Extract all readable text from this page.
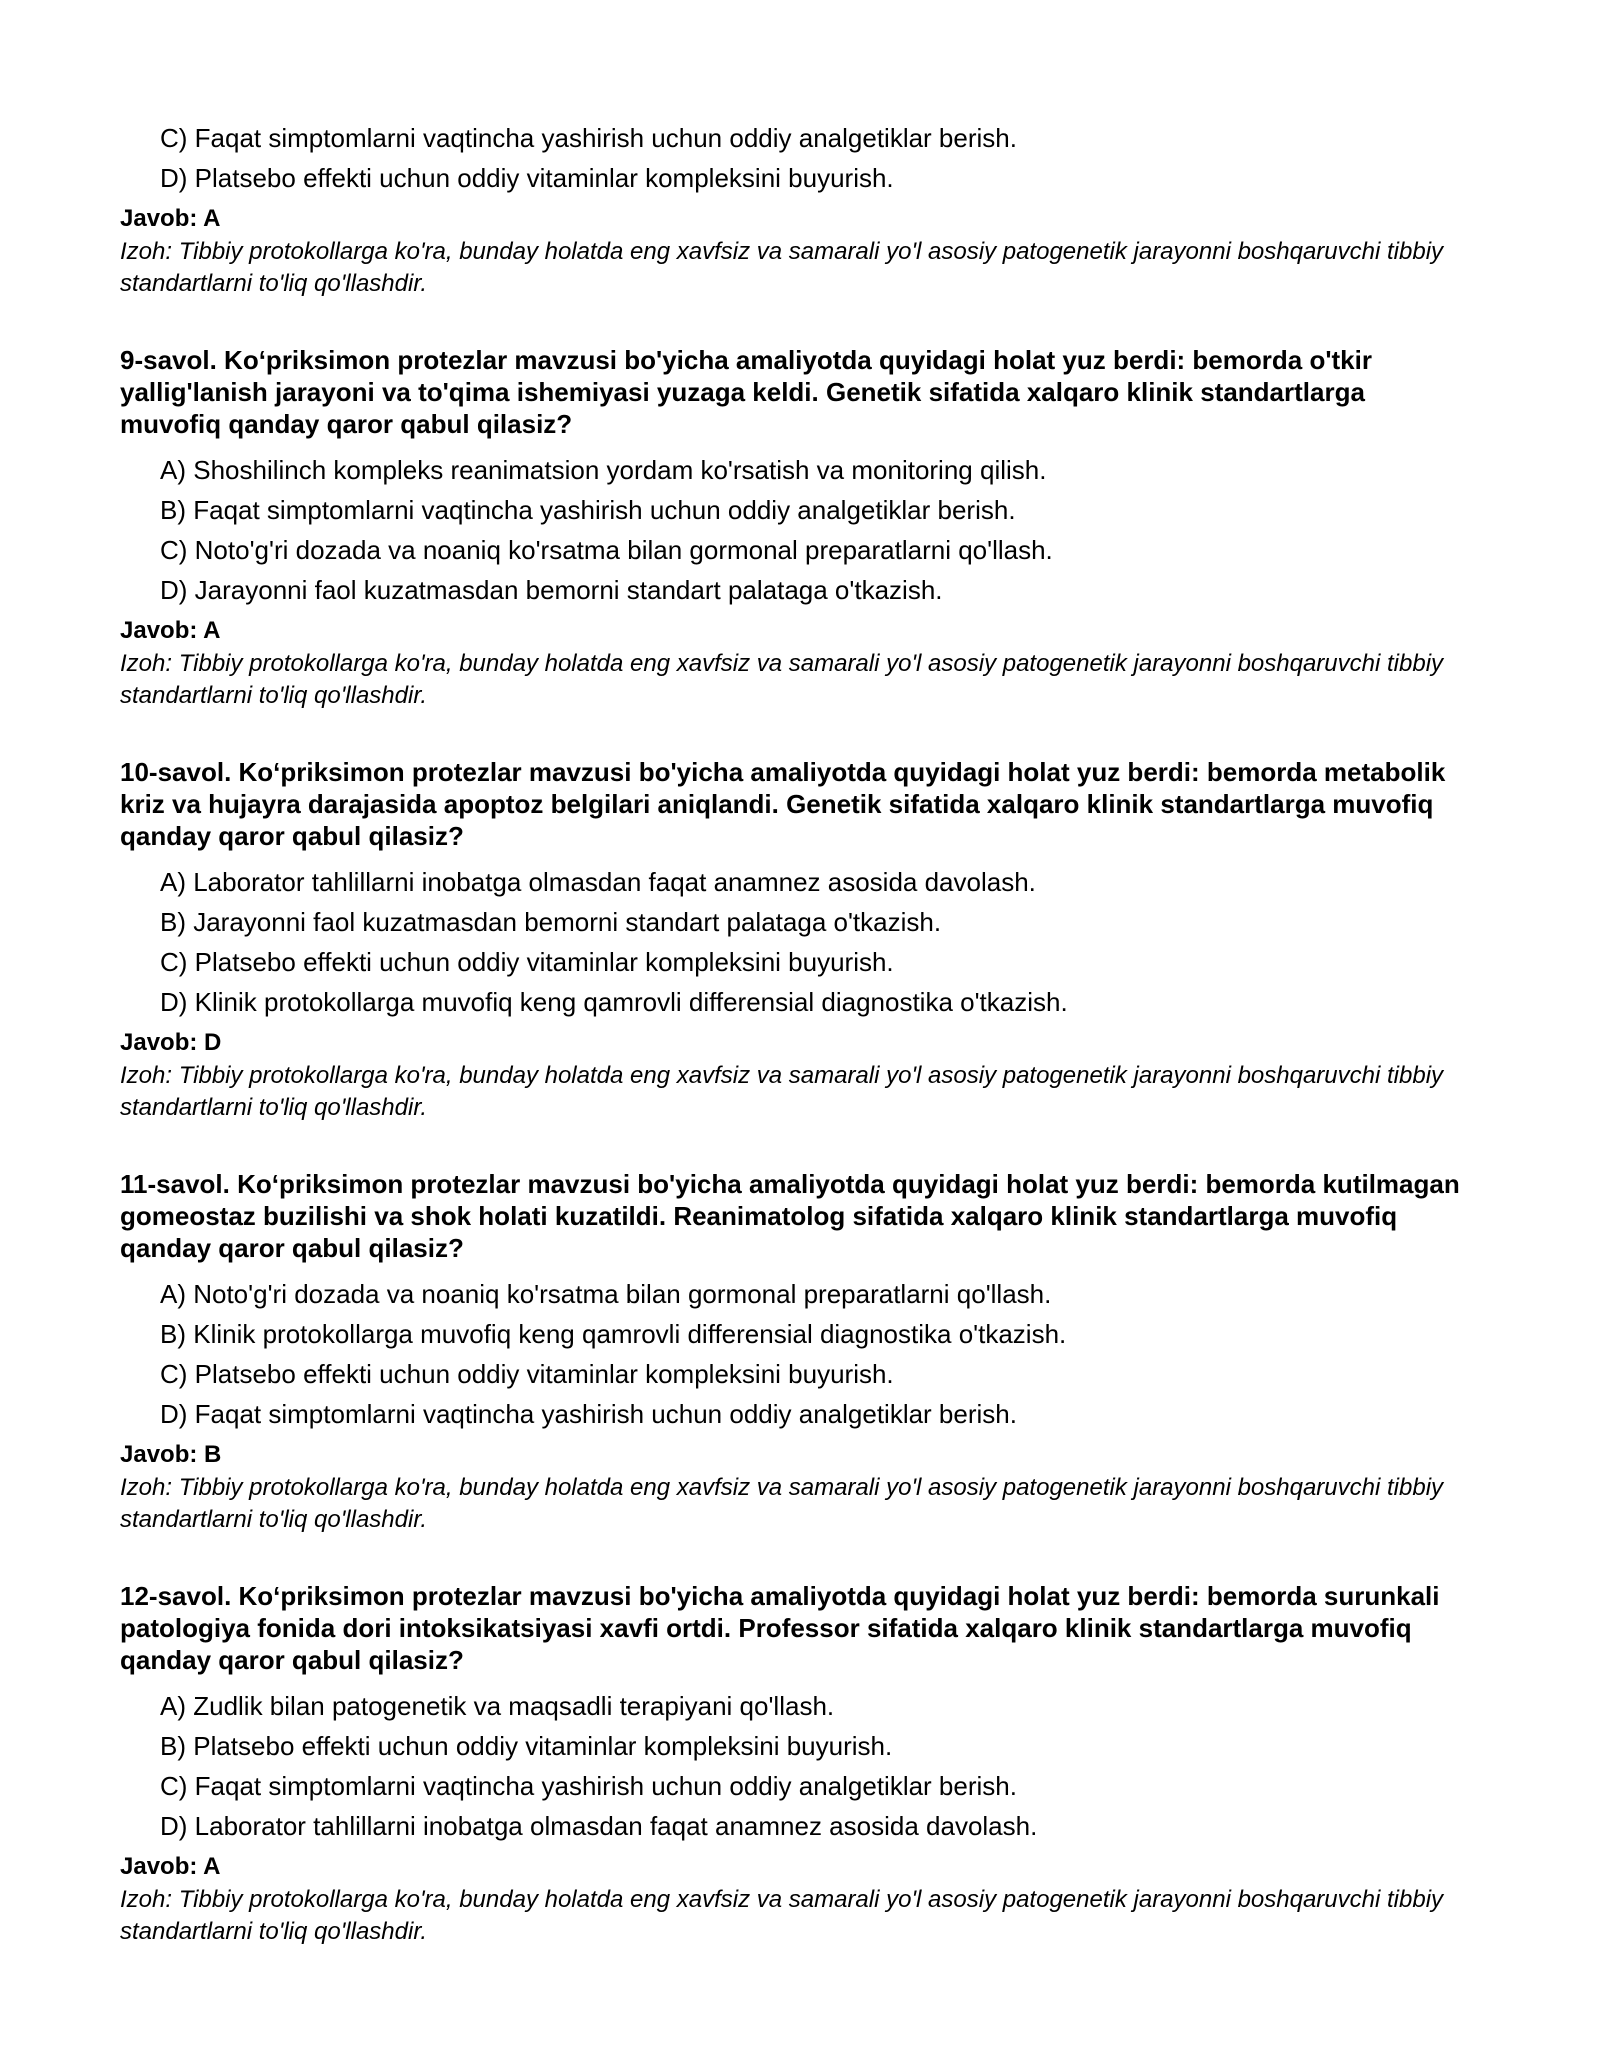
C) Faqat simptomlarni vaqtincha yashirish uchun oddiy analgetiklar berish.
D) Platsebo effekti uchun oddiy vitaminlar kompleksini buyurish.
Javob: A
Izoh: Tibbiy protokollarga ko'ra, bunday holatda eng xavfsiz va samarali yo'l asosiy patogenetik jarayonni boshqaruvchi tibbiy standartlarni to'liq qo'llashdir.
9-savol. Ko‘priksimon protezlar mavzusi bo'yicha amaliyotda quyidagi holat yuz berdi: bemorda o'tkir yallig'lanish jarayoni va to'qima ishemiyasi yuzaga keldi. Genetik sifatida xalqaro klinik standartlarga muvofiq qanday qaror qabul qilasiz?
A) Shoshilinch kompleks reanimatsion yordam ko'rsatish va monitoring qilish.
B) Faqat simptomlarni vaqtincha yashirish uchun oddiy analgetiklar berish.
C) Noto'g'ri dozada va noaniq ko'rsatma bilan gormonal preparatlarni qo'llash.
D) Jarayonni faol kuzatmasdan bemorni standart palataga o'tkazish.
Javob: A
Izoh: Tibbiy protokollarga ko'ra, bunday holatda eng xavfsiz va samarali yo'l asosiy patogenetik jarayonni boshqaruvchi tibbiy standartlarni to'liq qo'llashdir.
10-savol. Ko‘priksimon protezlar mavzusi bo'yicha amaliyotda quyidagi holat yuz berdi: bemorda metabolik kriz va hujayra darajasida apoptoz belgilari aniqlandi. Genetik sifatida xalqaro klinik standartlarga muvofiq qanday qaror qabul qilasiz?
A) Laborator tahlillarni inobatga olmasdan faqat anamnez asosida davolash.
B) Jarayonni faol kuzatmasdan bemorni standart palataga o'tkazish.
C) Platsebo effekti uchun oddiy vitaminlar kompleksini buyurish.
D) Klinik protokollarga muvofiq keng qamrovli differensial diagnostika o'tkazish.
Javob: D
Izoh: Tibbiy protokollarga ko'ra, bunday holatda eng xavfsiz va samarali yo'l asosiy patogenetik jarayonni boshqaruvchi tibbiy standartlarni to'liq qo'llashdir.
11-savol. Ko‘priksimon protezlar mavzusi bo'yicha amaliyotda quyidagi holat yuz berdi: bemorda kutilmagan gomeostaz buzilishi va shok holati kuzatildi. Reanimatolog sifatida xalqaro klinik standartlarga muvofiq qanday qaror qabul qilasiz?
A) Noto'g'ri dozada va noaniq ko'rsatma bilan gormonal preparatlarni qo'llash.
B) Klinik protokollarga muvofiq keng qamrovli differensial diagnostika o'tkazish.
C) Platsebo effekti uchun oddiy vitaminlar kompleksini buyurish.
D) Faqat simptomlarni vaqtincha yashirish uchun oddiy analgetiklar berish.
Javob: B
Izoh: Tibbiy protokollarga ko'ra, bunday holatda eng xavfsiz va samarali yo'l asosiy patogenetik jarayonni boshqaruvchi tibbiy standartlarni to'liq qo'llashdir.
12-savol. Ko‘priksimon protezlar mavzusi bo'yicha amaliyotda quyidagi holat yuz berdi: bemorda surunkali patologiya fonida dori intoksikatsiyasi xavfi ortdi. Professor sifatida xalqaro klinik standartlarga muvofiq qanday qaror qabul qilasiz?
A) Zudlik bilan patogenetik va maqsadli terapiyani qo'llash.
B) Platsebo effekti uchun oddiy vitaminlar kompleksini buyurish.
C) Faqat simptomlarni vaqtincha yashirish uchun oddiy analgetiklar berish.
D) Laborator tahlillarni inobatga olmasdan faqat anamnez asosida davolash.
Javob: A
Izoh: Tibbiy protokollarga ko'ra, bunday holatda eng xavfsiz va samarali yo'l asosiy patogenetik jarayonni boshqaruvchi tibbiy standartlarni to'liq qo'llashdir.
